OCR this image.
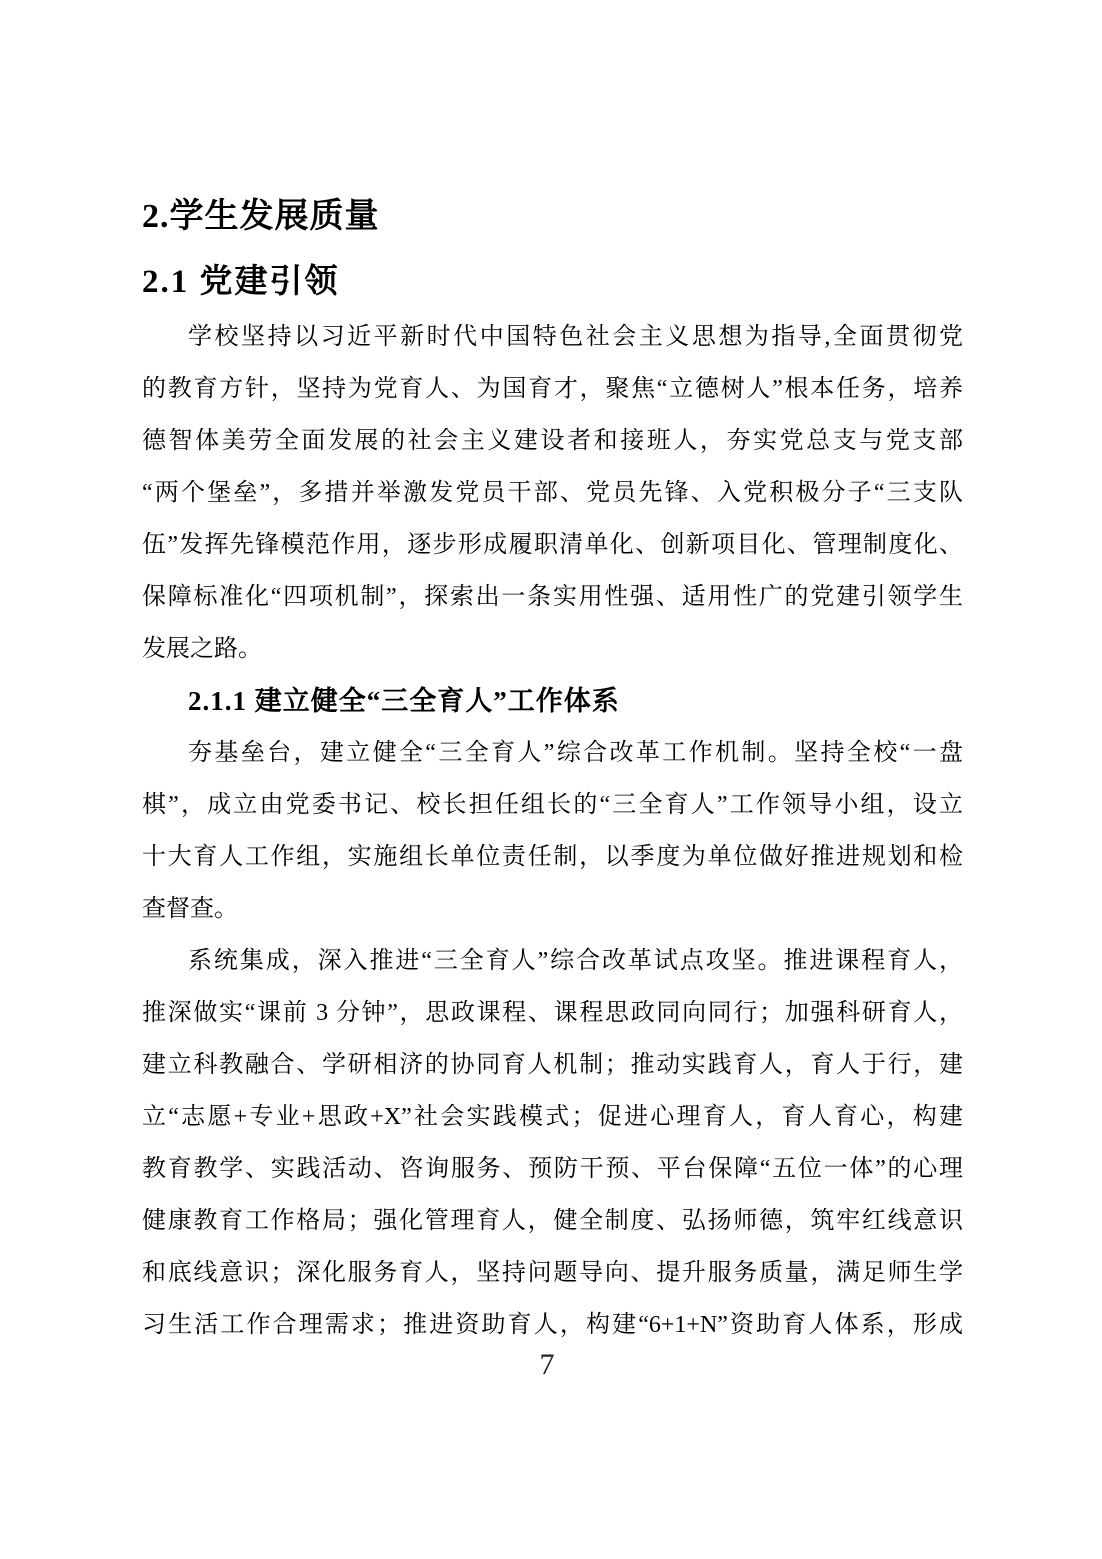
2.学生发展质量
2.1 党建引领
学校坚持以习近平新时代中国特色社会主义思想为指导,全面贯彻党
的教育方针，坚持为党育人、为国育才，聚焦“立德树人”根本任务，培养
德智体美劳全面发展的社会主义建设者和接班人，夯实党总支与党支部
“两个堡垒”，多措并举激发党员干部、党员先锋、入党积极分子“三支队
伍”发挥先锋模范作用，逐步形成履职清单化、创新项目化、管理制度化、
保障标准化“四项机制”，探索出一条实用性强、适用性广的党建引领学生
发展之路。
2.1.1 建立健全“三全育人”工作体系
夯基垒台，建立健全“三全育人”综合改革工作机制。坚持全校“一盘
棋”，成立由党委书记、校长担任组长的“三全育人”工作领导小组，设立
十大育人工作组，实施组长单位责任制，以季度为单位做好推进规划和检
查督查。
系统集成，深入推进“三全育人”综合改革试点攻坚。推进课程育人，
推深做实“课前 3 分钟”，思政课程、课程思政同向同行；加强科研育人，
建立科教融合、学研相济的协同育人机制；推动实践育人，育人于行，建
立“志愿+专业+思政+X”社会实践模式；促进心理育人，育人育心，构建
教育教学、实践活动、咨询服务、预防干预、平台保障“五位一体”的心理
健康教育工作格局；强化管理育人，健全制度、弘扬师德，筑牢红线意识
和底线意识；深化服务育人，坚持问题导向、提升服务质量，满足师生学
习生活工作合理需求；推进资助育人，构建“6+1+N”资助育人体系，形成
7
